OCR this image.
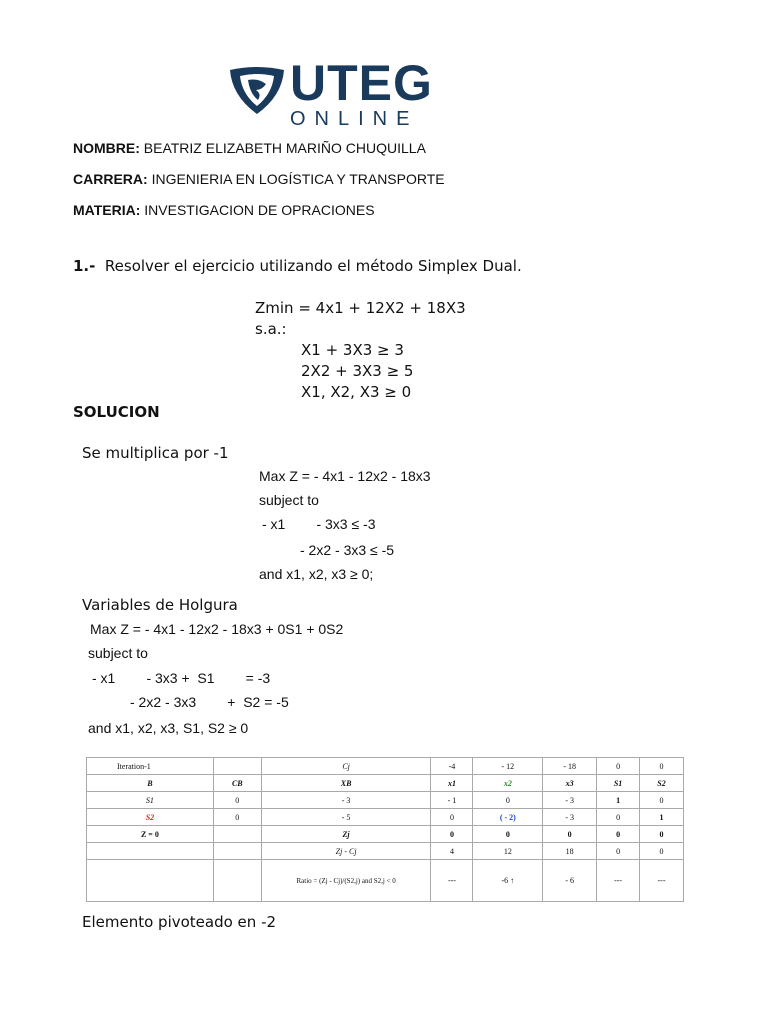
UTEG
ONLINE
NOMBRE: BEATRIZ ELIZABETH MARIÑO CHUQUILLA
CARRERA: INGENIERIA EN LOGÍSTICA Y TRANSPORTE
MATERIA: INVESTIGACION DE OPRACIONES
1.- Resolver el ejercicio utilizando el método Simplex Dual.
Zmin = 4x1 + 12X2 + 18X3
s.a.:
X1 + 3X3 ≥ 3
2X2 + 3X3 ≥ 5
X1, X2, X3 ≥ 0
SOLUCION
Se multiplica por -1
Max Z = - 4x1 - 12x2 - 18x3
subject to
- x1        - 3x3 ≤ -3
- 2x2 - 3x3 ≤ -5
and x1, x2, x3 ≥ 0;
Variables de Holgura
Max Z = - 4x1 - 12x2 - 18x3 + 0S1 + 0S2
subject to
- x1        - 3x3 +  S1        = -3
- 2x2 - 3x3        +  S2 = -5
and x1, x2, x3, S1, S2 ≥ 0
Iteration-1		Cj	-4	- 12	- 18	0	0
B	CB	XB	x1	x2	x3	S1	S2
S1	0	- 3	- 1	0	- 3	1	0
S2	0	- 5	0	( - 2)	- 3	0	1
Z = 0		Zj	0	0	0	0	0
		Zj - Cj	4	12	18	0	0
		Ratio = (Zj - Cj)/(S2,j) and S2,j < 0	---	-6 ↑	- 6	---	---
Elemento pivoteado en -2
